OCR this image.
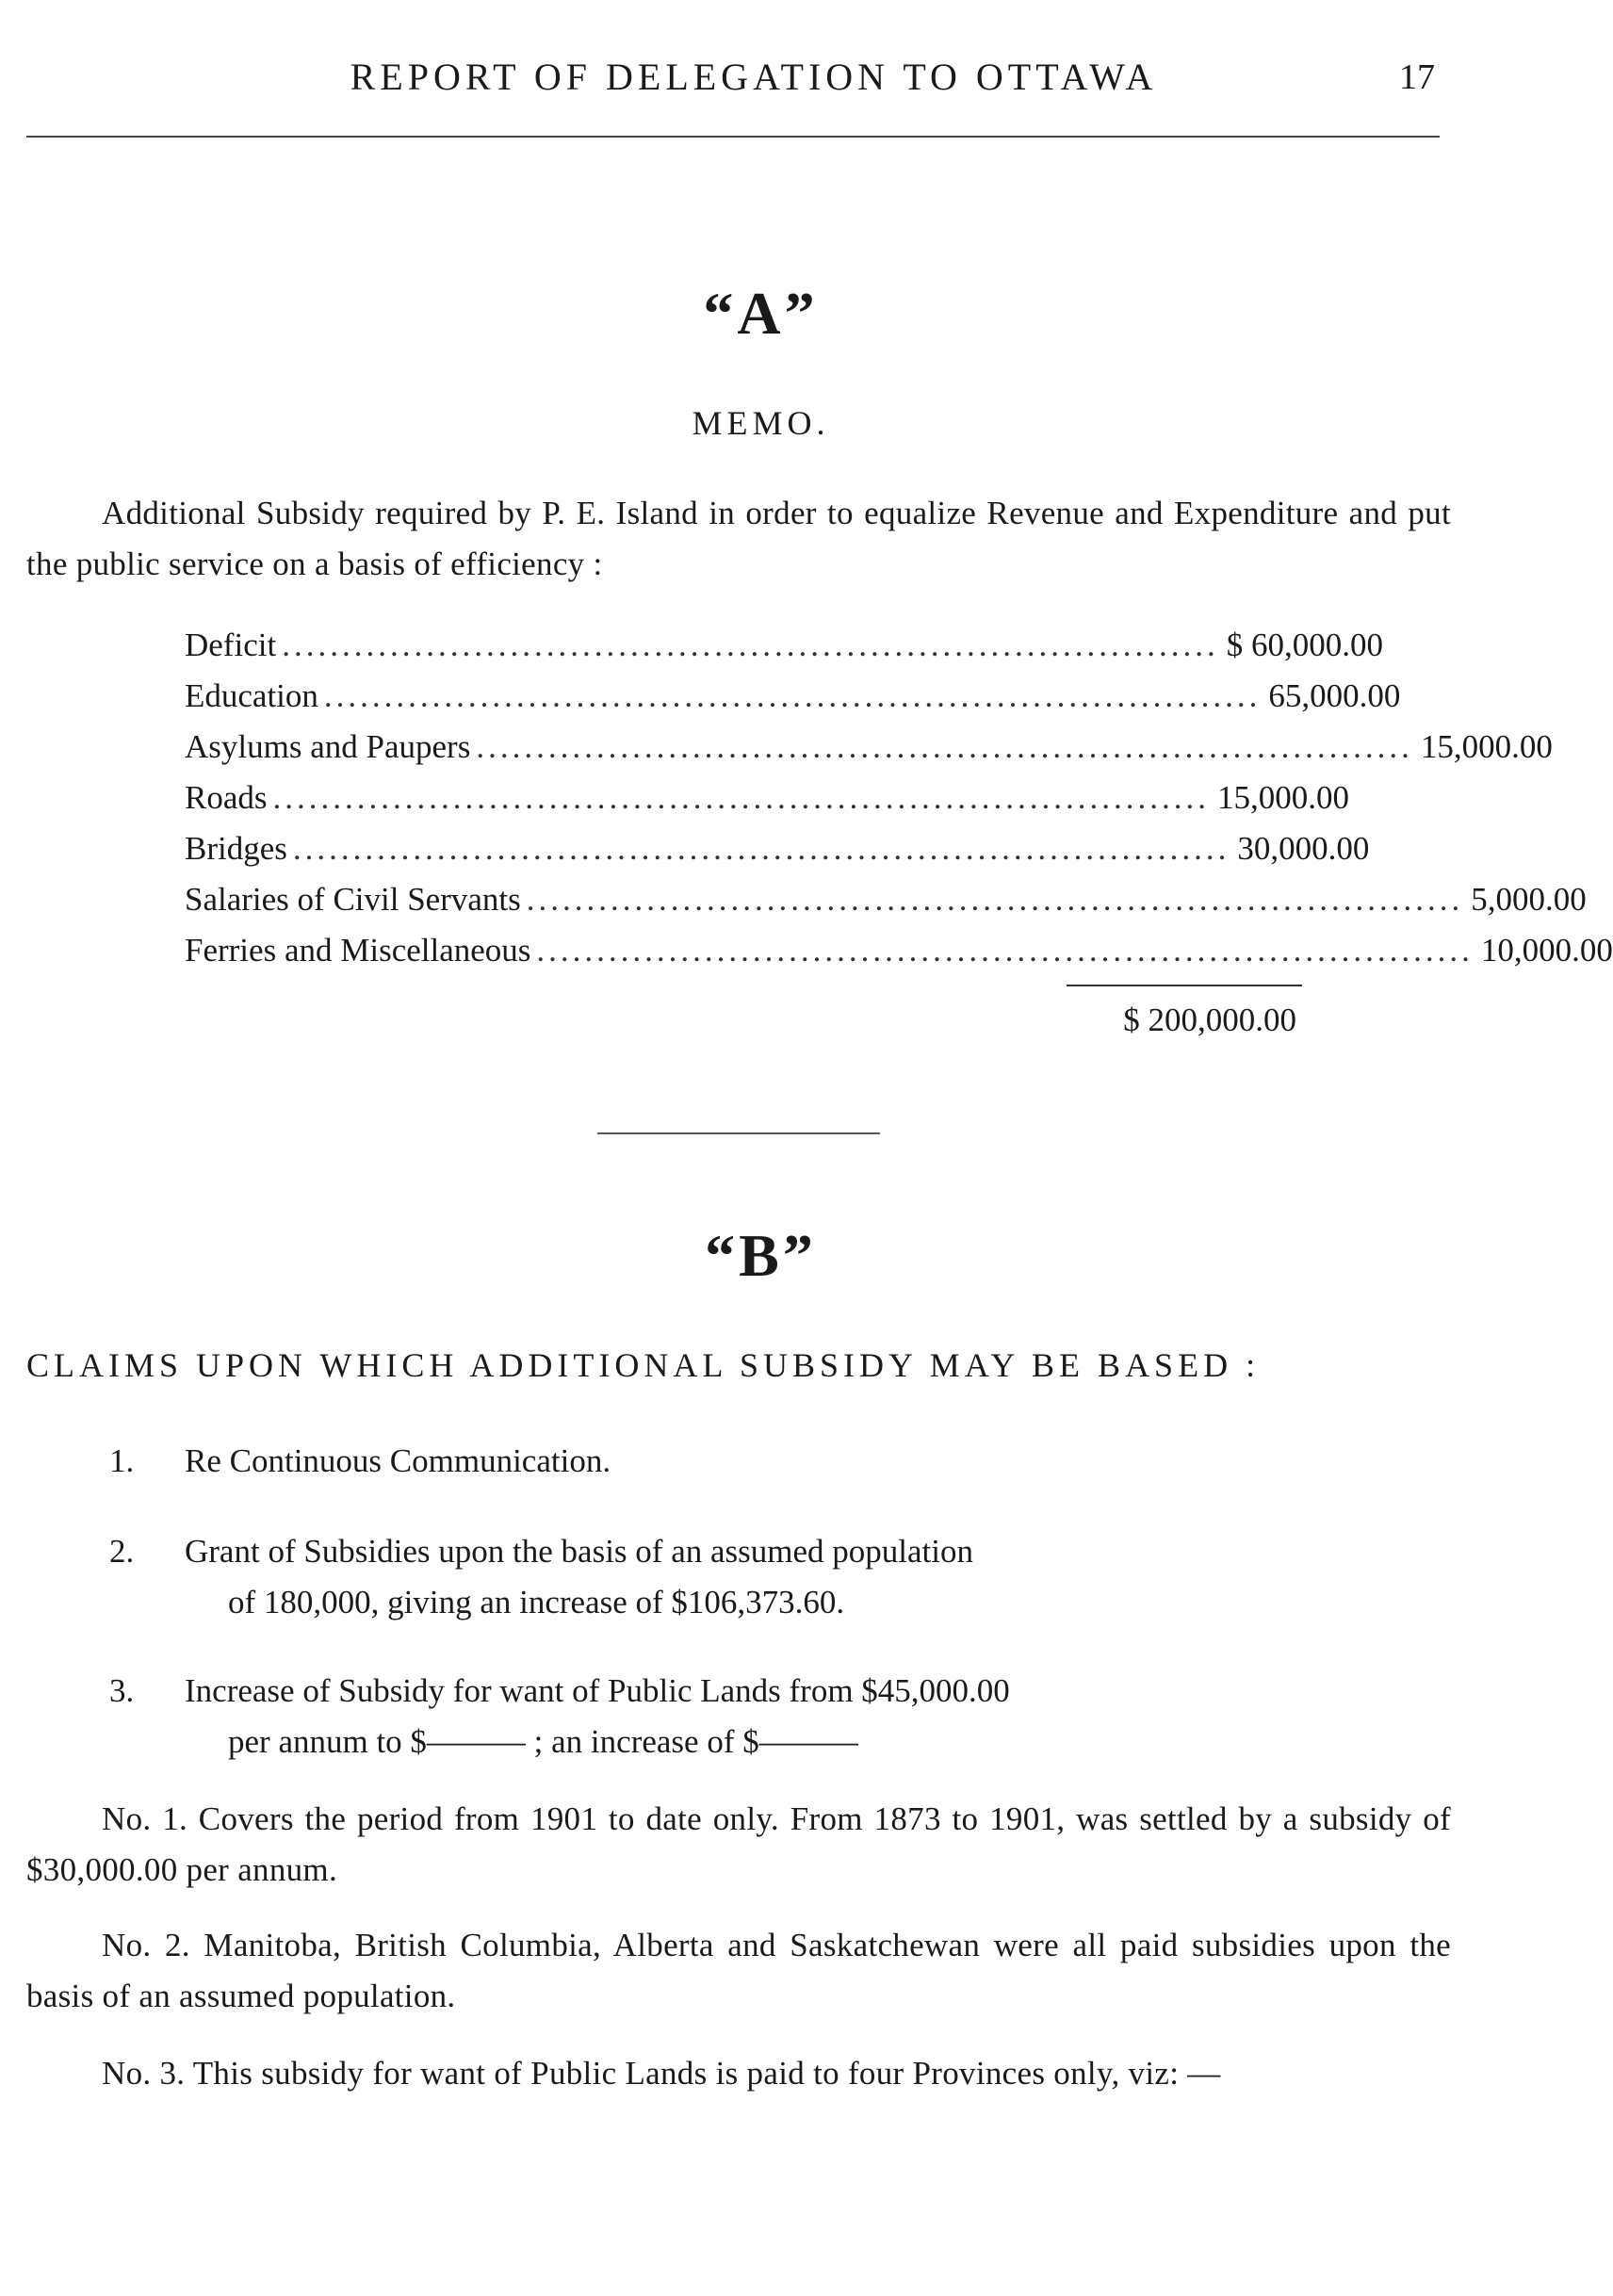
REPORT OF DELEGATION TO OTTAWA	17
“A”
MEMO.
Additional Subsidy required by P. E. Island in order to equalize Revenue and Expenditure and put the public service on a basis of efficiency :
Deficit .............................................................................. $ 60,000.00
Education .............................................................................. 65,000.00
Asylums and Paupers .............................................................................. 15,000.00
Roads .............................................................................. 15,000.00
Bridges .............................................................................. 30,000.00
Salaries of Civil Servants .............................................................................. 5,000.00
Ferries and Miscellaneous .............................................................................. 10,000.00
$ 200,000.00
“B”
CLAIMS UPON WHICH ADDITIONAL SUBSIDY MAY BE BASED :
1.	Re Continuous Communication.
2.	Grant of Subsidies upon the basis of an assumed population
of 180,000, giving an increase of $106,373.60.
3.	Increase of Subsidy for want of Public Lands from $45,000.00
per annum to $——— ; an increase of $———
No. 1. Covers the period from 1901 to date only. From 1873 to 1901, was settled by a subsidy of $30,000.00 per annum.
No. 2. Manitoba, British Columbia, Alberta and Saskatchewan were all paid subsidies upon the basis of an assumed population.
No. 3. This subsidy for want of Public Lands is paid to four Provinces only, viz: —
